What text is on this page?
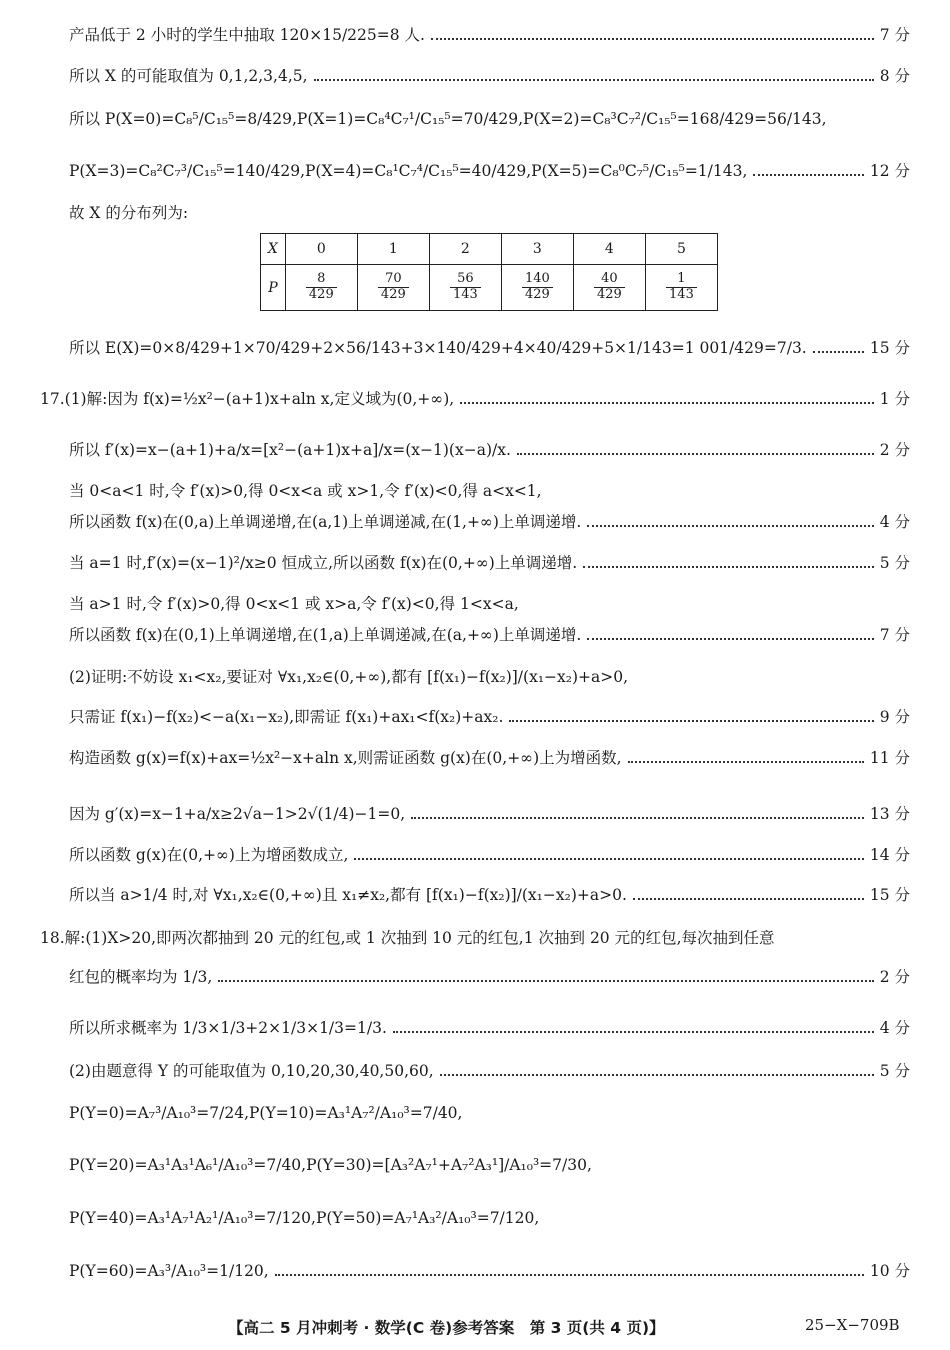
产品低于 2 小时的学生中抽取 120×15/225=8 人.	7 分
所以 X 的可能取值为 0,1,2,3,4,5,	8 分
所以 P(X=0)=C₈⁵/C₁₅⁵=8/429,P(X=1)=C₈⁴C₇¹/C₁₅⁵=70/429,P(X=2)=C₈³C₇²/C₁₅⁵=168/429=56/143,
P(X=3)=C₈²C₇³/C₁₅⁵=140/429,P(X=4)=C₈¹C₇⁴/C₁₅⁵=40/429,P(X=5)=C₈⁰C₇⁵/C₁₅⁵=1/143,	12 分
故 X 的分布列为:
X	0	1	2	3	4	5
P	$\frac{8}{429}$	$\frac{70}{429}$	$\frac{56}{143}$	$\frac{140}{429}$	$\frac{40}{429}$	$\frac{1}{143}$
所以 E(X)=0×8/429+1×70/429+2×56/143+3×140/429+4×40/429+5×1/143=1 001/429=7/3.	15 分
17.(1)解:因为 f(x)=½x²−(a+1)x+aln x,定义域为(0,+∞),	1 分
所以 f′(x)=x−(a+1)+a/x=[x²−(a+1)x+a]/x=(x−1)(x−a)/x.	2 分
当 0<a<1 时,令 f′(x)>0,得 0<x<a 或 x>1,令 f′(x)<0,得 a<x<1,
所以函数 f(x)在(0,a)上单调递增,在(a,1)上单调递减,在(1,+∞)上单调递增.	4 分
当 a=1 时,f′(x)=(x−1)²/x≥0 恒成立,所以函数 f(x)在(0,+∞)上单调递增.	5 分
当 a>1 时,令 f′(x)>0,得 0<x<1 或 x>a,令 f′(x)<0,得 1<x<a,
所以函数 f(x)在(0,1)上单调递增,在(1,a)上单调递减,在(a,+∞)上单调递增.	7 分
(2)证明:不妨设 x₁<x₂,要证对 ∀x₁,x₂∈(0,+∞),都有 [f(x₁)−f(x₂)]/(x₁−x₂)+a>0,
只需证 f(x₁)−f(x₂)<−a(x₁−x₂),即需证 f(x₁)+ax₁<f(x₂)+ax₂.	9 分
构造函数 g(x)=f(x)+ax=½x²−x+aln x,则需证函数 g(x)在(0,+∞)上为增函数,	11 分
因为 g′(x)=x−1+a/x≥2√a−1>2√(1/4)−1=0,	13 分
所以函数 g(x)在(0,+∞)上为增函数成立,	14 分
所以当 a>1/4 时,对 ∀x₁,x₂∈(0,+∞)且 x₁≠x₂,都有 [f(x₁)−f(x₂)]/(x₁−x₂)+a>0.	15 分
18.解:(1)X>20,即两次都抽到 20 元的红包,或 1 次抽到 10 元的红包,1 次抽到 20 元的红包,每次抽到任意
红包的概率均为 1/3,	2 分
所以所求概率为 1/3×1/3+2×1/3×1/3=1/3.	4 分
(2)由题意得 Y 的可能取值为 0,10,20,30,40,50,60,	5 分
P(Y=0)=A₇³/A₁₀³=7/24,P(Y=10)=A₃¹A₇²/A₁₀³=7/40,
P(Y=20)=A₃¹A₃¹A₆¹/A₁₀³=7/40,P(Y=30)=[A₃²A₇¹+A₇²A₃¹]/A₁₀³=7/30,
P(Y=40)=A₃¹A₇¹A₂¹/A₁₀³=7/120,P(Y=50)=A₇¹A₃²/A₁₀³=7/120,
P(Y=60)=A₃³/A₁₀³=1/120,	10 分
【高二 5 月冲刺考 · 数学(C 卷)参考答案　第 3 页(共 4 页)】	25−X−709B
